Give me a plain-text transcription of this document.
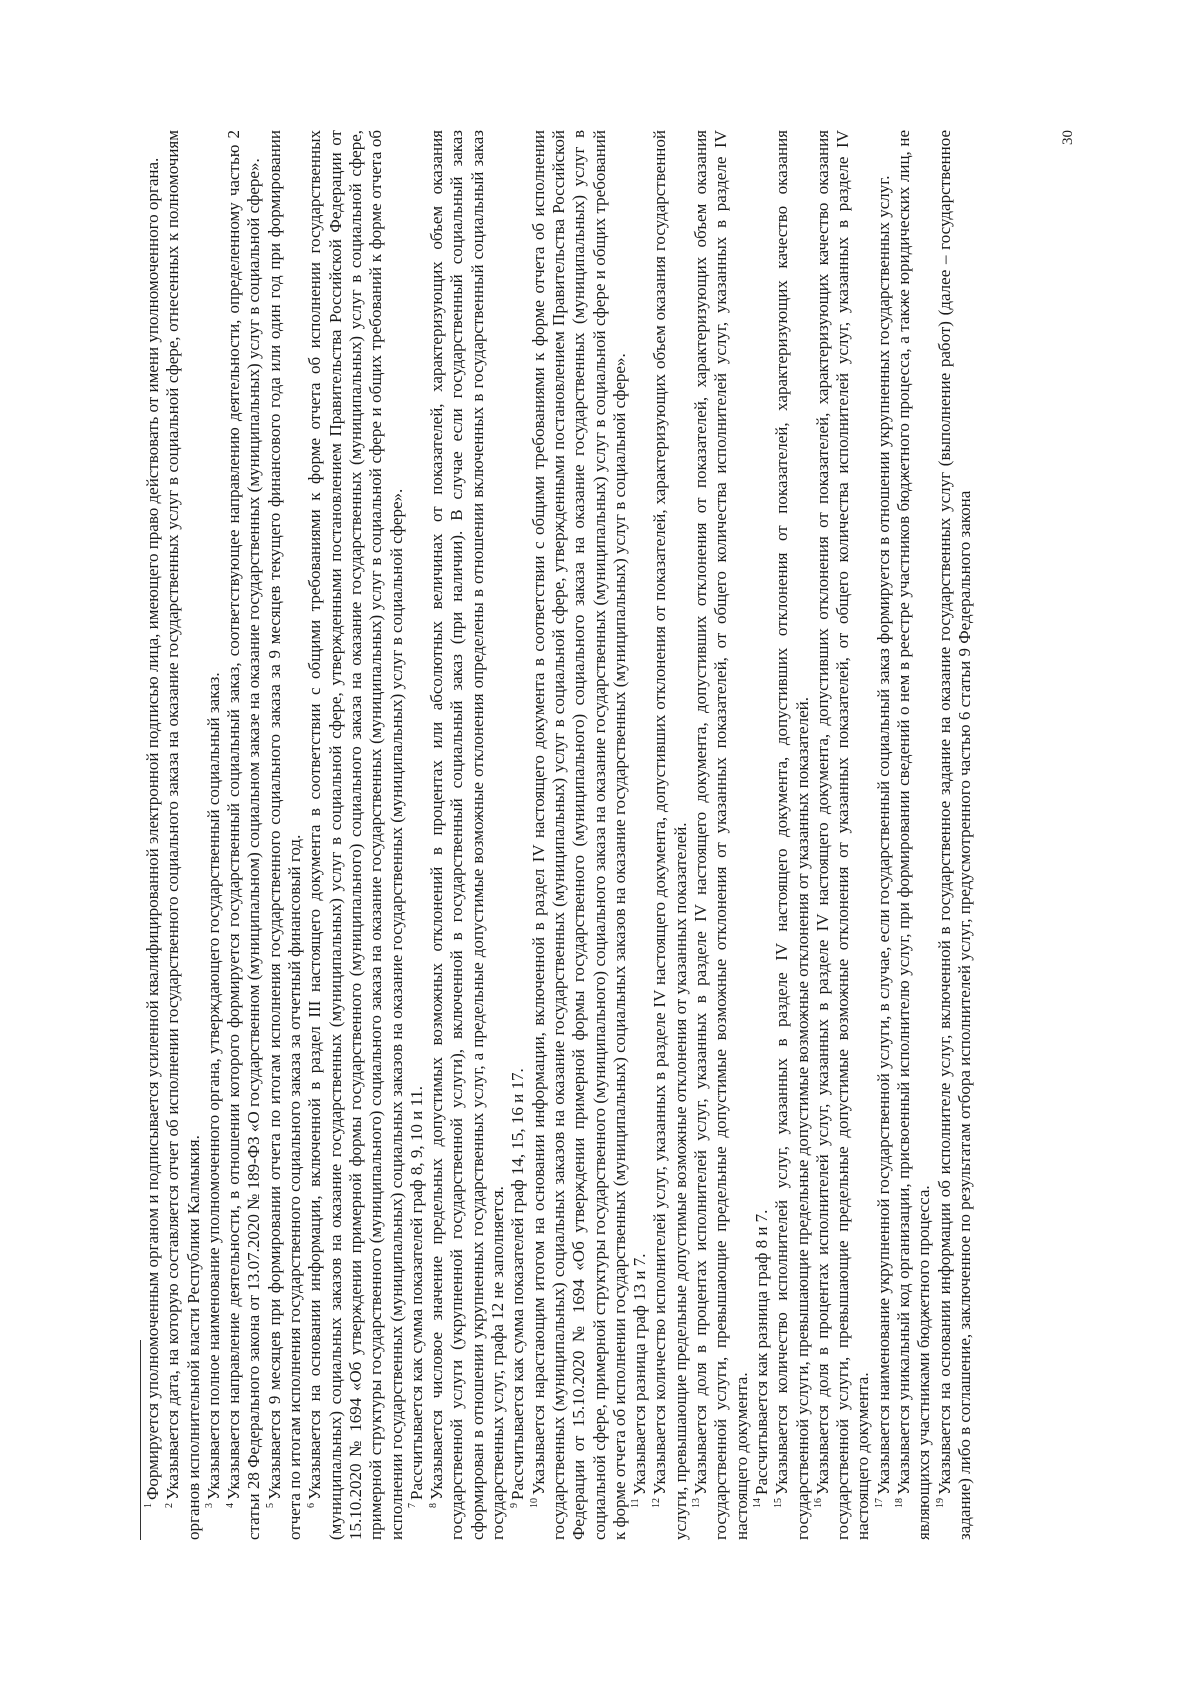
$^1$Формируется уполномоченным органом и подписывается усиленной квалифицированной электронной подписью лица, имеющего право действовать от имени уполномоченного органа.

$^2$Указывается дата, на которую составляется отчет об исполнении государственного социального заказа на оказание государственных услуг в социальной сфере, отнесенных к полномочиям органов исполнительной власти Республики Калмыкия. $^3$Указывается полное наименование уполномоченного органа, утверждающего государственный социальный заказ.

$^4$Указывается направление деятельности, в отношении которого формируется государственный социальный заказ, соответствующее направлению деятельности, определенному частью 2 статьи 28 Федерального закона от 13.07.2020 № 189-ФЗ «О государственном (муниципальном) социальном заказе на оказание государственных (муниципальных) услуг в социальной сфере». $^5$Указывается 9 месяцев при формировании отчета по итогам исполнения государственного социального заказа за 9 месяцев текущего финансового года или один год при формировании отчета по итогам исполнения государственного социального заказа за отчетный финансовый год. $^6$Указывается на основании информации, включенной в раздел III настоящего документа в соответствии с общими требованиями к форме отчета об исполнении государственных (муниципальных) социальных заказов на оказание государственных (муниципальных) услуг в социальной сфере, утвержденными постановлением Правительства Российской Федерации от 15.10.2020 № 1694 «Об утверждении примерной формы государственного (муниципального) социального заказа на оказание государственных (муниципальных) услуг в социальной сфере, примерной структуры государственного (муниципального) социального заказа на оказание государственных (муниципальных) услуг в социальной сфере и общих требований к форме отчета об исполнении государственных (муниципальных) социальных заказов на оказание государственных (муниципальных) услуг в социальной сфере». $^7$Рассчитывается как сумма показателей граф 8, 9, 10 и 11.

$^8$Указывается числовое значение предельных допустимых возможных отклонений в процентах или абсолютных величинах от показателей, характеризующих объем оказания государственной услуги (укрупненной государственной услуги), включенной в государственный социальный заказ (при наличии). В случае если государственный социальный заказ сформирован в отношении укрупненных государственных услуг, а предельные допустимые возможные отклонения определены в отношении включенных в государственный социальный заказ государственных услуг, графа 12 не заполняется. $^9$Рассчитывается как сумма показателей граф 14, 15, 16 и 17.

$^{10}$Указывается нарастающим итогом на основании информации, включенной в раздел IV настоящего документа в соответствии с общими требованиями к форме отчета об исполнении государственных (муниципальных) социальных заказов на оказание государственных (муниципальных) услуг в социальной сфере, утвержденными постановлением Правительства Российской Федерации от 15.10.2020 № 1694 «Об утверждении примерной формы государственного (муниципального) социального заказа на оказание государственных (муниципальных) услуг в социальной сфере, примерной структуры государственного (муниципального) социального заказа на оказание государственных (муниципальных) услуг в социальной сфере и общих требований к форме отчета об исполнении государственных (муниципальных) социальных заказов на оказание государственных (муниципальных) услуг в социальной сфере». $^{11}$Указывается разница граф 13 и 7.

$^{12}$Указывается количество исполнителей услуг, указанных в разделе IV настоящего документа, допустивших отклонения от показателей, характеризующих объем оказания государственной услуги, превышающие предельные допустимые возможные отклонения от указанных показателей. $^{13}$Указывается доля в процентах исполнителей услуг, указанных в разделе IV настоящего документа, допустивших отклонения от показателей, характеризующих объем оказания государственной услуги, превышающие предельные допустимые возможные отклонения от указанных показателей, от общего количества исполнителей услуг, указанных в разделе IV настоящего документа. $^{14}$Рассчитывается как разница граф 8 и 7.

$^{15}$Указывается количество исполнителей услуг, указанных в разделе IV настоящего документа, допустивших отклонения от показателей, характеризующих качество оказания государственной услуги, превышающие предельные допустимые возможные отклонения от указанных показателей. $^{16}$Указывается доля в процентах исполнителей услуг, указанных в разделе IV настоящего документа, допустивших отклонения от показателей, характеризующих качество оказания государственной услуги, превышающие предельные допустимые возможные отклонения от указанных показателей, от общего количества исполнителей услуг, указанных в разделе IV настоящего документа. $^{17}$Указывается наименование укрупненной государственной услуги, в случае, если государственный социальный заказ формируется в отношении укрупненных государственных услуг.

$^{18}$Указывается уникальный код организации, присвоенный исполнителю услуг, при формировании сведений о нем в реестре участников бюджетного процесса, а также юридических лиц, не являющихся участниками бюджетного процесса. $^{19}$Указывается на основании информации об исполнителе услуг, включенной в государственное задание на оказание государственных услуг (выполнение работ) (далее – государственное задание) либо в соглашение, заключенное по результатам отбора исполнителей услуг, предусмотренного частью 6 статьи 9 Федерального закона

30
